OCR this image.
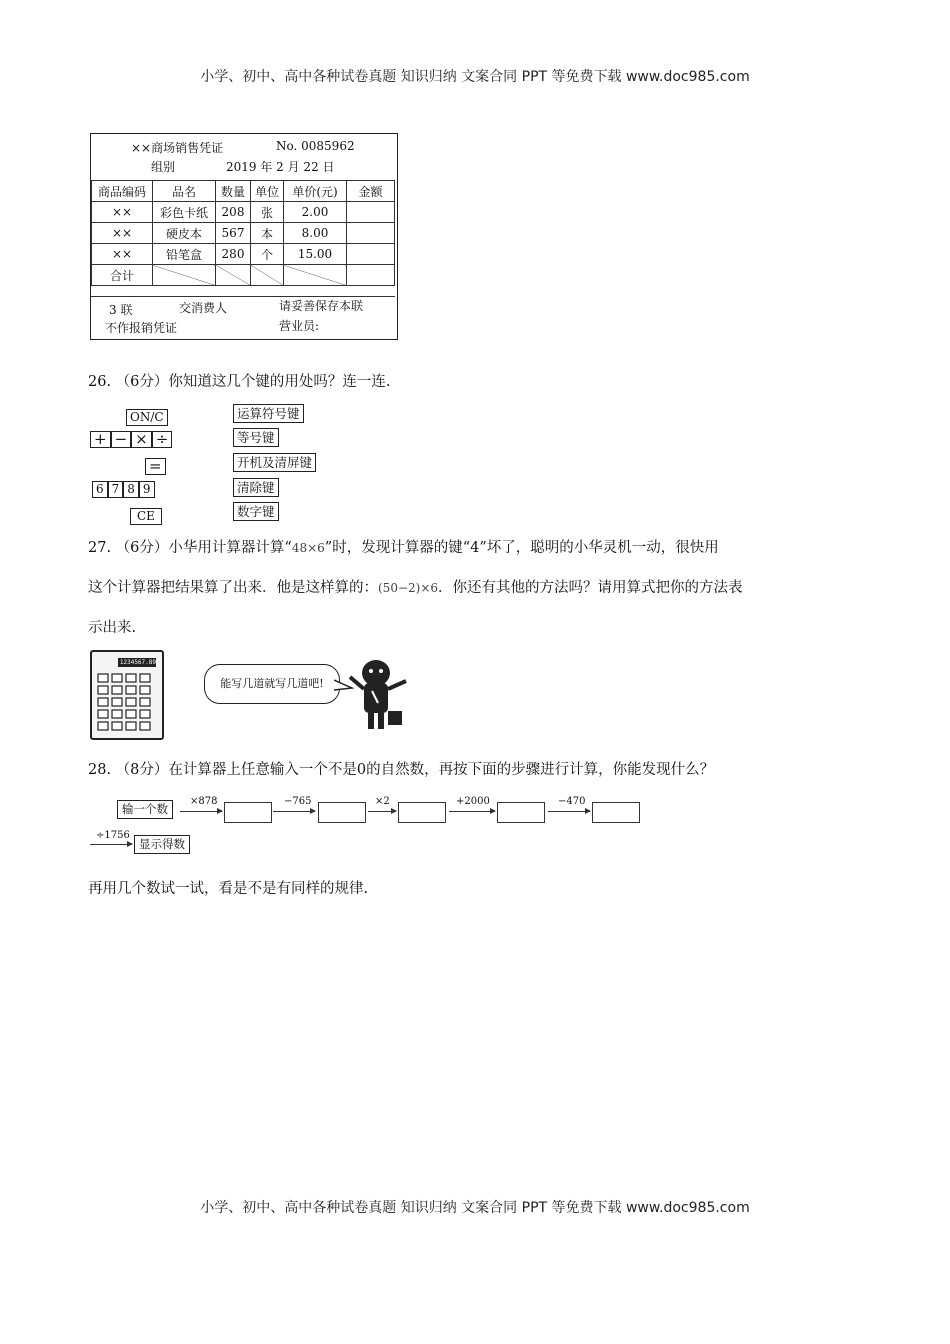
小学、初中、高中各种试卷真题 知识归纳 文案合同 PPT 等免费下载 www.doc985.com
××商场销售凭证	No. 0085962
组别	2019 年 2 月 22 日
商品编码	品名	数量	单位	单价(元)	金额
××	彩色卡纸	208	张	2.00	
××	硬皮本	567	本	8.00	
××	铅笔盒	280	个	15.00	
合计					
3 联	交消费人	请妥善保存本联
不作报销凭证	营业员:
26. （6分）你知道这几个键的用处吗？连一连.
ON/C
+ − × ÷
=
6 7 8 9
CE
运算符号键
等号键
开机及清屏键
清除键
数字键
27. （6分）小华用计算器计算“48×6”时，发现计算器的键“4”坏了，聪明的小华灵机一动，很快用
这个计算器把结果算了出来．他是这样算的：(50−2)×6．你还有其他的方法吗？请用算式把你的方法表
示出来.
1234567.89
能写几道就写几道吧!
28. （8分）在计算器上任意输入一个不是0的自然数，再按下面的步骤进行计算，你能发现什么？
输一个数
×878	−765	×2	+2000	−470
÷1756
显示得数
再用几个数试一试，看是不是有同样的规律.
小学、初中、高中各种试卷真题 知识归纳 文案合同 PPT 等免费下载 www.doc985.com
